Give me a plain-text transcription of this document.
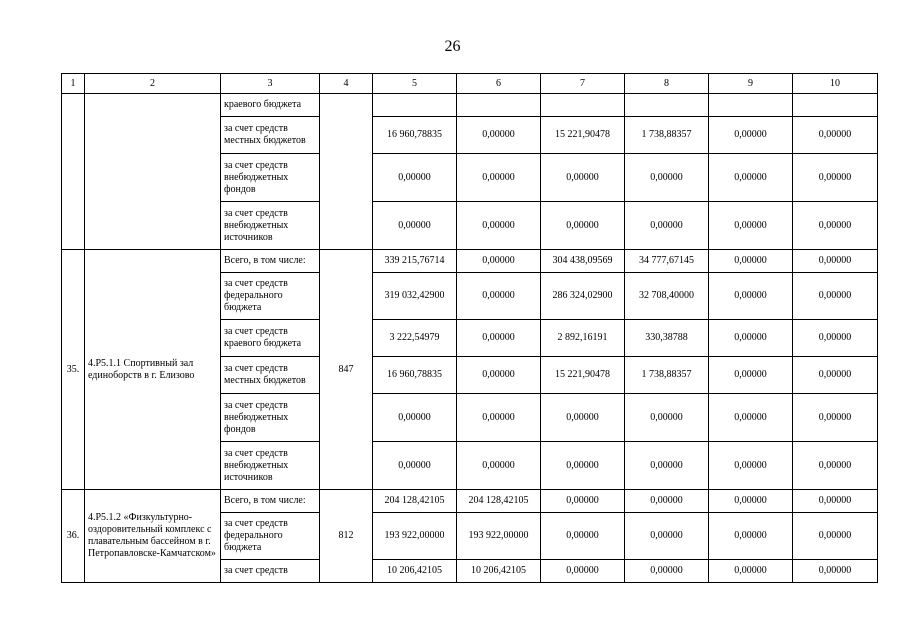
26
1	2	3	4	5	6	7	8	9	10
		краевого бюджета							
		за счет средств местных бюджетов		16 960,78835	0,00000	15 221,90478	1 738,88357	0,00000	0,00000
		за счет средств внебюджетных фондов		0,00000	0,00000	0,00000	0,00000	0,00000	0,00000
		за счет средств внебюджетных источников		0,00000	0,00000	0,00000	0,00000	0,00000	0,00000
35.	4.Р5.1.1 Спортивный зал единоборств в г. Елизово	Всего, в том числе:	847	339 215,76714	0,00000	304 438,09569	34 777,67145	0,00000	0,00000
		за счет средств федерального бюджета		319 032,42900	0,00000	286 324,02900	32 708,40000	0,00000	0,00000
		за счет средств краевого бюджета		3 222,54979	0,00000	2 892,16191	330,38788	0,00000	0,00000
		за счет средств местных бюджетов		16 960,78835	0,00000	15 221,90478	1 738,88357	0,00000	0,00000
		за счет средств внебюджетных фондов		0,00000	0,00000	0,00000	0,00000	0,00000	0,00000
		за счет средств внебюджетных источников		0,00000	0,00000	0,00000	0,00000	0,00000	0,00000
36.	4.Р5.1.2 «Физкультурно-оздоровительный комплекс с плавательным бассейном в г. Петропавловске-Камчатском»	Всего, в том числе:	812	204 128,42105	204 128,42105	0,00000	0,00000	0,00000	0,00000
		за счет средств федерального бюджета		193 922,00000	193 922,00000	0,00000	0,00000	0,00000	0,00000
		за счет средств		10 206,42105	10 206,42105	0,00000	0,00000	0,00000	0,00000
